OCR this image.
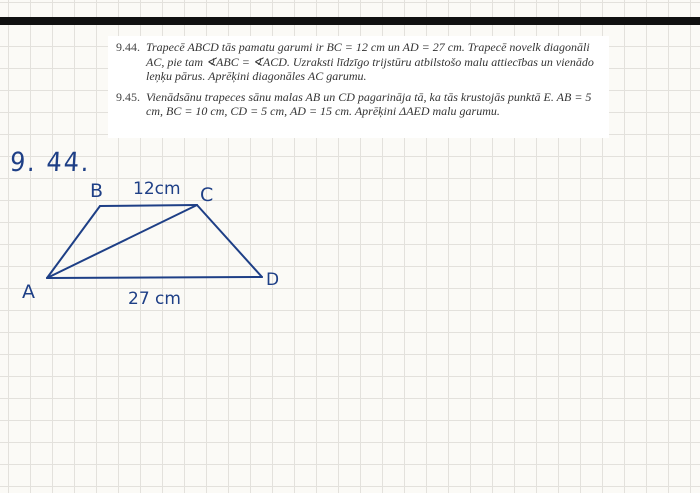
9.44. Trapecē ABCD tās pamatu garumi ir BC = 12 cm un AD = 27 cm. Trapecē novelk diagonāli AC, pie tam ∢ABC = ∢ACD. Uzraksti līdzīgo trijstūru atbilstošo malu attiecības un vienādo leņķu pārus. Aprēķini diagonāles AC garumu.
9.45. Vienādsānu trapeces sānu malas AB un CD pagarināja tā, ka tās krustojās punktā E. AB = 5 cm, BC = 10 cm, CD = 5 cm, AD = 15 cm. Aprēķini ΔAED malu garumu.
9. 44.
B	C
A
D
12cm
27 cm
